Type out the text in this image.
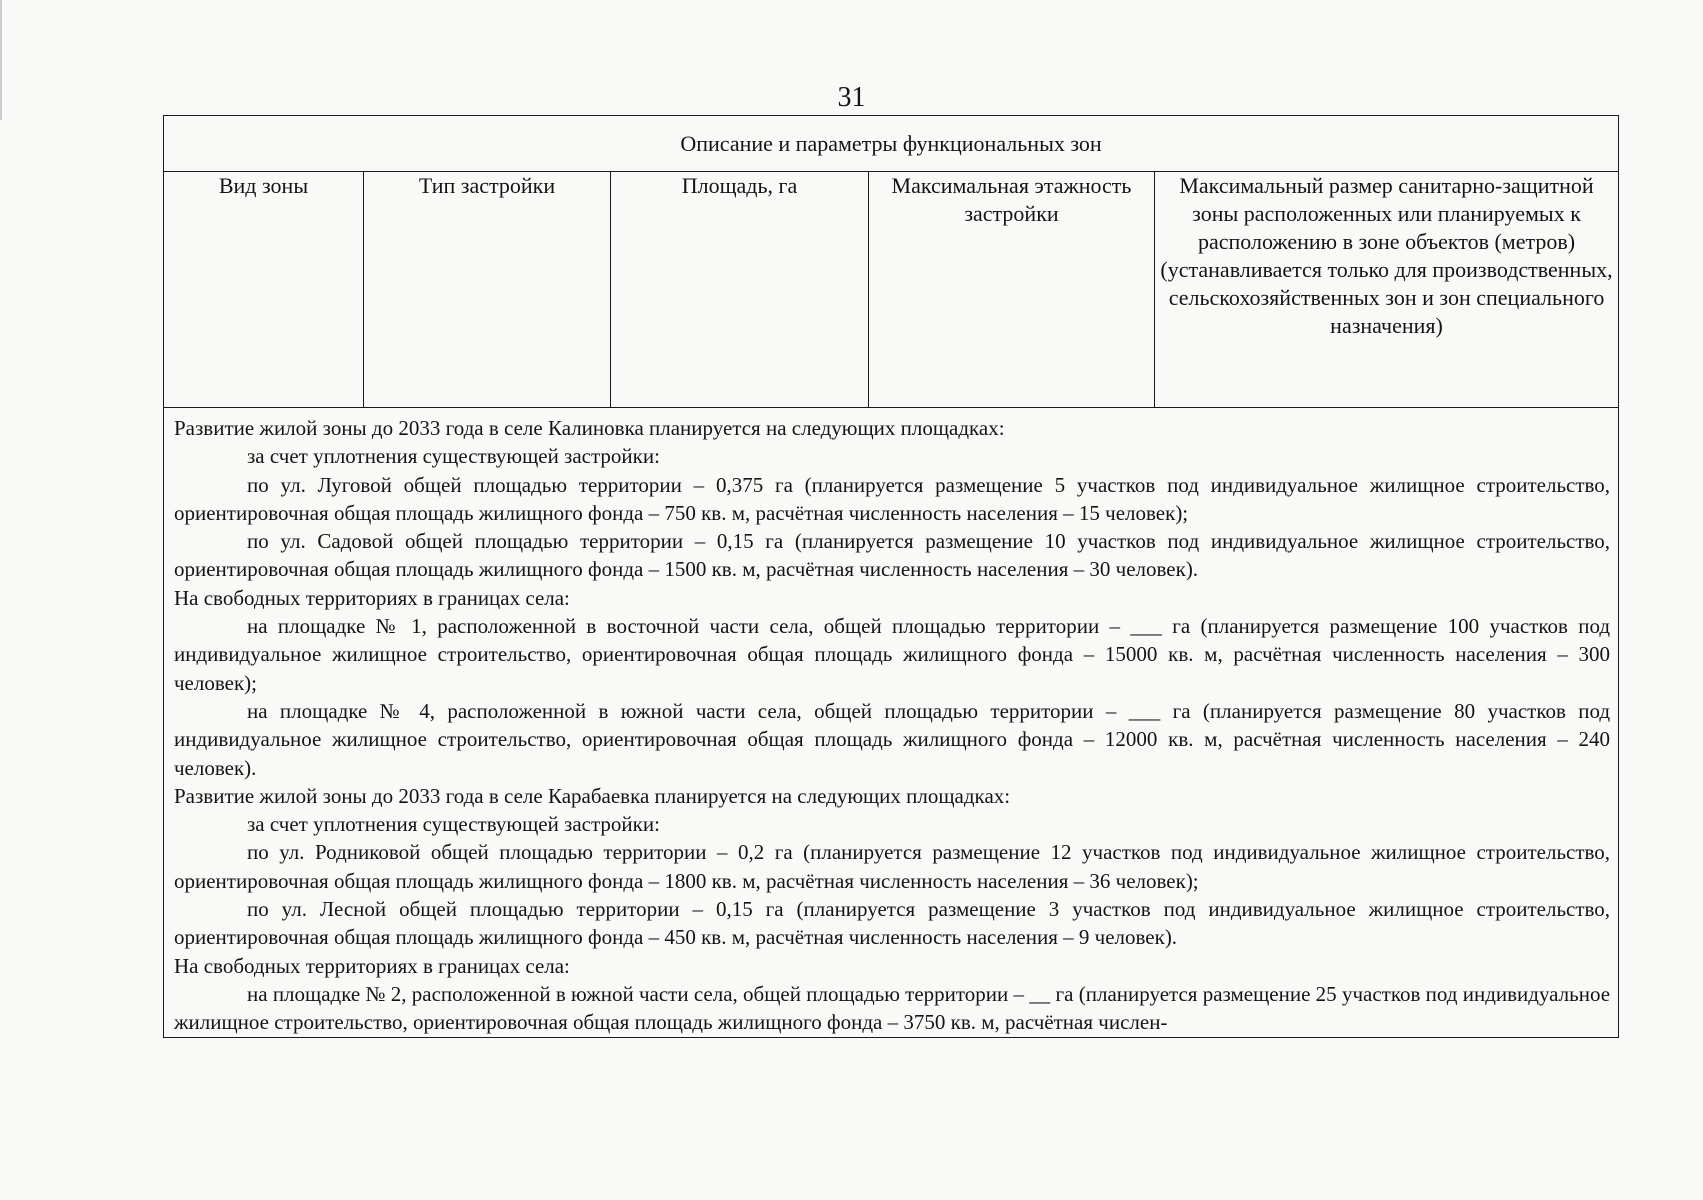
31
Описание и параметры функциональных зон
Вид зоны	Тип застройки	Площадь, га	Максимальная этажность застройки	Максимальный размер санитарно-защитной зоны расположенных или планируемых к расположению в зоне объектов (метров) (устанавливается только для производственных, сельскохозяйственных зон и зон специального назначения)

Развитие жилой зоны до 2033 года в селе Калиновка планируется на следующих площадках:

за счет уплотнения существующей застройки:

по ул. Луговой общей площадью территории – 0,375 га (планируется размещение 5 участков под индивидуальное жилищное строительство, ориентировочная общая площадь жилищного фонда – 750 кв. м, расчётная численность населения – 15 человек);

по ул. Садовой общей площадью территории – 0,15 га (планируется размещение 10 участков под индивидуальное жилищное строительство, ориентировочная общая площадь жилищного фонда – 1500 кв. м, расчётная численность населения – 30 человек).

На свободных территориях в границах села:

на площадке № 1, расположенной в восточной части села, общей площадью территории – ___ га (планируется размещение 100 участков под индивидуальное жилищное строительство, ориентировочная общая площадь жилищного фонда – 15000 кв. м, расчётная численность населения – 300 человек);

на площадке № 4, расположенной в южной части села, общей площадью территории – ___ га (планируется размещение 80 участков под индивидуальное жилищное строительство, ориентировочная общая площадь жилищного фонда – 12000 кв. м, расчётная численность населения – 240 человек).

Развитие жилой зоны до 2033 года в селе Карабаевка планируется на следующих площадках:

за счет уплотнения существующей застройки:

по ул. Родниковой общей площадью территории – 0,2 га (планируется размещение 12 участков под индивидуальное жилищное строительство, ориентировочная общая площадь жилищного фонда – 1800 кв. м, расчётная численность населения – 36 человек);

по ул. Лесной общей площадью территории – 0,15 га (планируется размещение 3 участков под индивидуальное жилищное строительство, ориентировочная общая площадь жилищного фонда – 450 кв. м, расчётная численность населения – 9 человек).

На свободных территориях в границах села:

на площадке № 2, расположенной в южной части села, общей площадью территории – __ га (планируется размещение 25 участков под индивидуальное жилищное строительство, ориентировочная общая площадь жилищного фонда – 3750 кв. м, расчётная числен-
